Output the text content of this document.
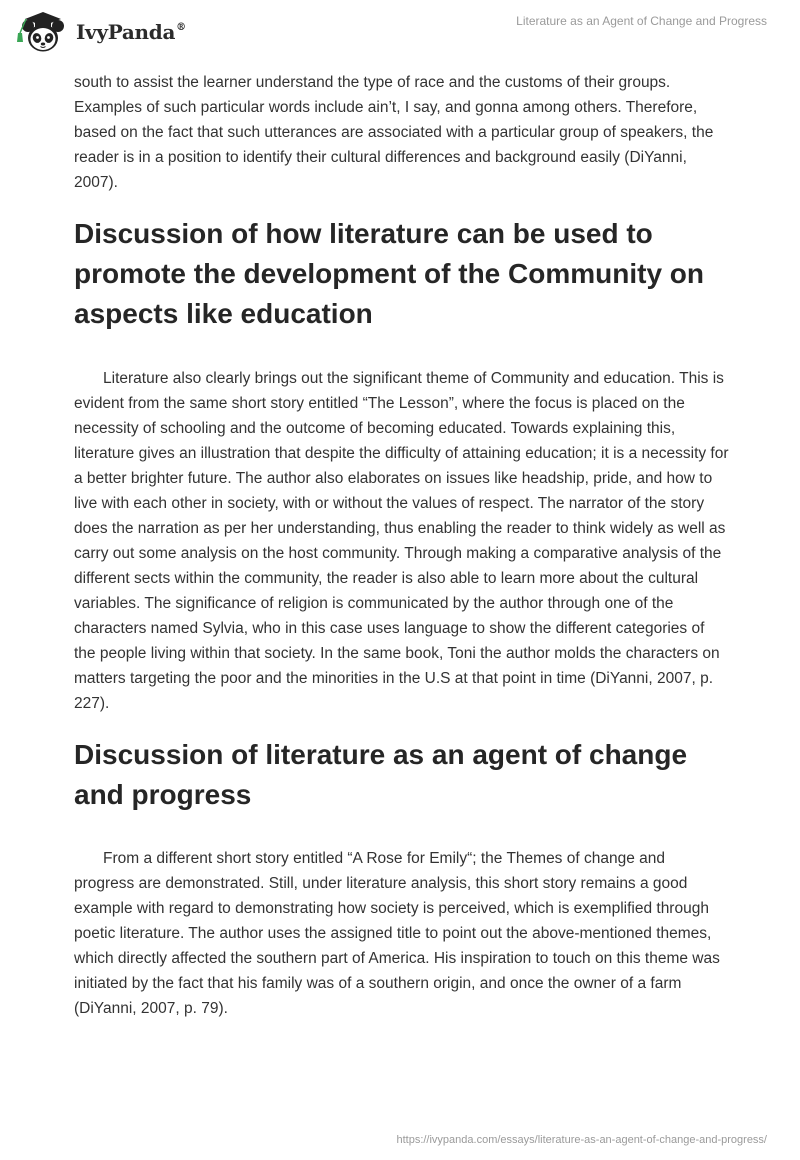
IvyPanda®	Literature as an Agent of Change and Progress

south to assist the learner understand the type of race and the customs of their groups. Examples of such particular words include ain’t, I say, and gonna among others. Therefore, based on the fact that such utterances are associated with a particular group of speakers, the reader is in a position to identify their cultural differences and background easily (DiYanni, 2007).

Discussion of how literature can be used to promote the development of the Community on aspects like education

Literature also clearly brings out the significant theme of Community and education. This is evident from the same short story entitled “The Lesson”, where the focus is placed on the necessity of schooling and the outcome of becoming educated. Towards explaining this, literature gives an illustration that despite the difficulty of attaining education; it is a necessity for a better brighter future. The author also elaborates on issues like headship, pride, and how to live with each other in society, with or without the values of respect. The narrator of the story does the narration as per her understanding, thus enabling the reader to think widely as well as carry out some analysis on the host community. Through making a comparative analysis of the different sects within the community, the reader is also able to learn more about the cultural variables. The significance of religion is communicated by the author through one of the characters named Sylvia, who in this case uses language to show the different categories of the people living within that society. In the same book, Toni the author molds the characters on matters targeting the poor and the minorities in the U.S at that point in time (DiYanni, 2007, p. 227).

Discussion of literature as an agent of change and progress

From a different short story entitled “A Rose for Emily“; the Themes of change and progress are demonstrated. Still, under literature analysis, this short story remains a good example with regard to demonstrating how society is perceived, which is exemplified through poetic literature. The author uses the assigned title to point out the above-mentioned themes, which directly affected the southern part of America. His inspiration to touch on this theme was initiated by the fact that his family was of a southern origin, and once the owner of a farm (DiYanni, 2007, p. 79).

https://ivypanda.com/essays/literature-as-an-agent-of-change-and-progress/
